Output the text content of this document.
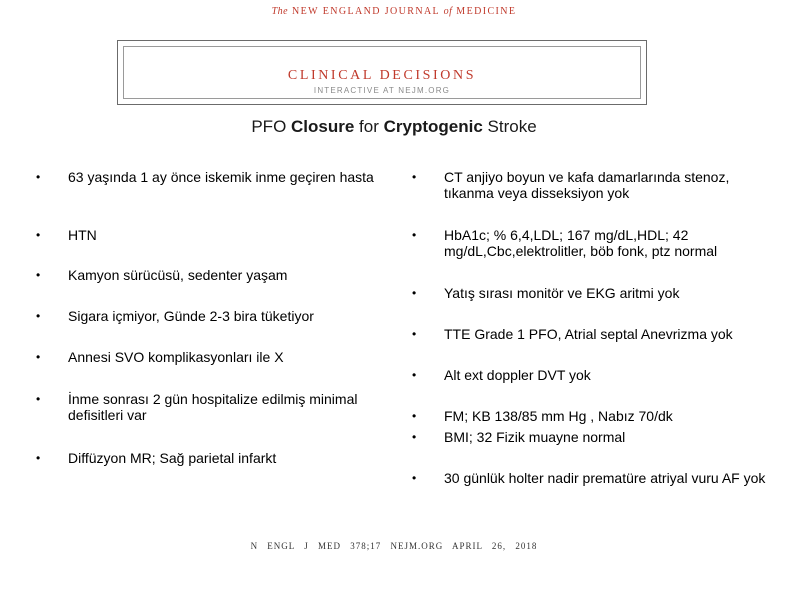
The NEW ENGLAND JOURNAL of MEDICINE
CLINICAL DECISIONS
INTERACTIVE AT NEJM.ORG
PFO Closure for Cryptogenic Stroke
• 63 yaşında 1 ay önce iskemik inme geçiren hasta
• HTN
• Kamyon sürücüsü, sedenter yaşam
• Sigara içmiyor, Günde 2-3 bira tüketiyor
• Annesi SVO komplikasyonları ile X
• İnme sonrası 2 gün hospitalize edilmiş minimal defisitleri var
• Diffüzyon MR; Sağ parietal infarkt
• CT anjiyo boyun ve kafa damarlarında stenoz, tıkanma veya disseksiyon yok
• HbA1c; % 6,4,LDL; 167 mg/dL,HDL; 42 mg/dL,Cbc,elektrolitler, böb fonk, ptz normal
• Yatış sırası monitör ve EKG aritmi yok
• TTE Grade 1 PFO, Atrial septal Anevrizma yok
• Alt ext doppler DVT yok
• FM; KB 138/85 mm Hg , Nabız 70/dk
• BMI; 32 Fizik muayne normal
• 30 günlük holter nadir prematüre atriyal vuru AF yok
N ENGL J MED 378;17 NEJM.ORG APRIL 26, 2018
